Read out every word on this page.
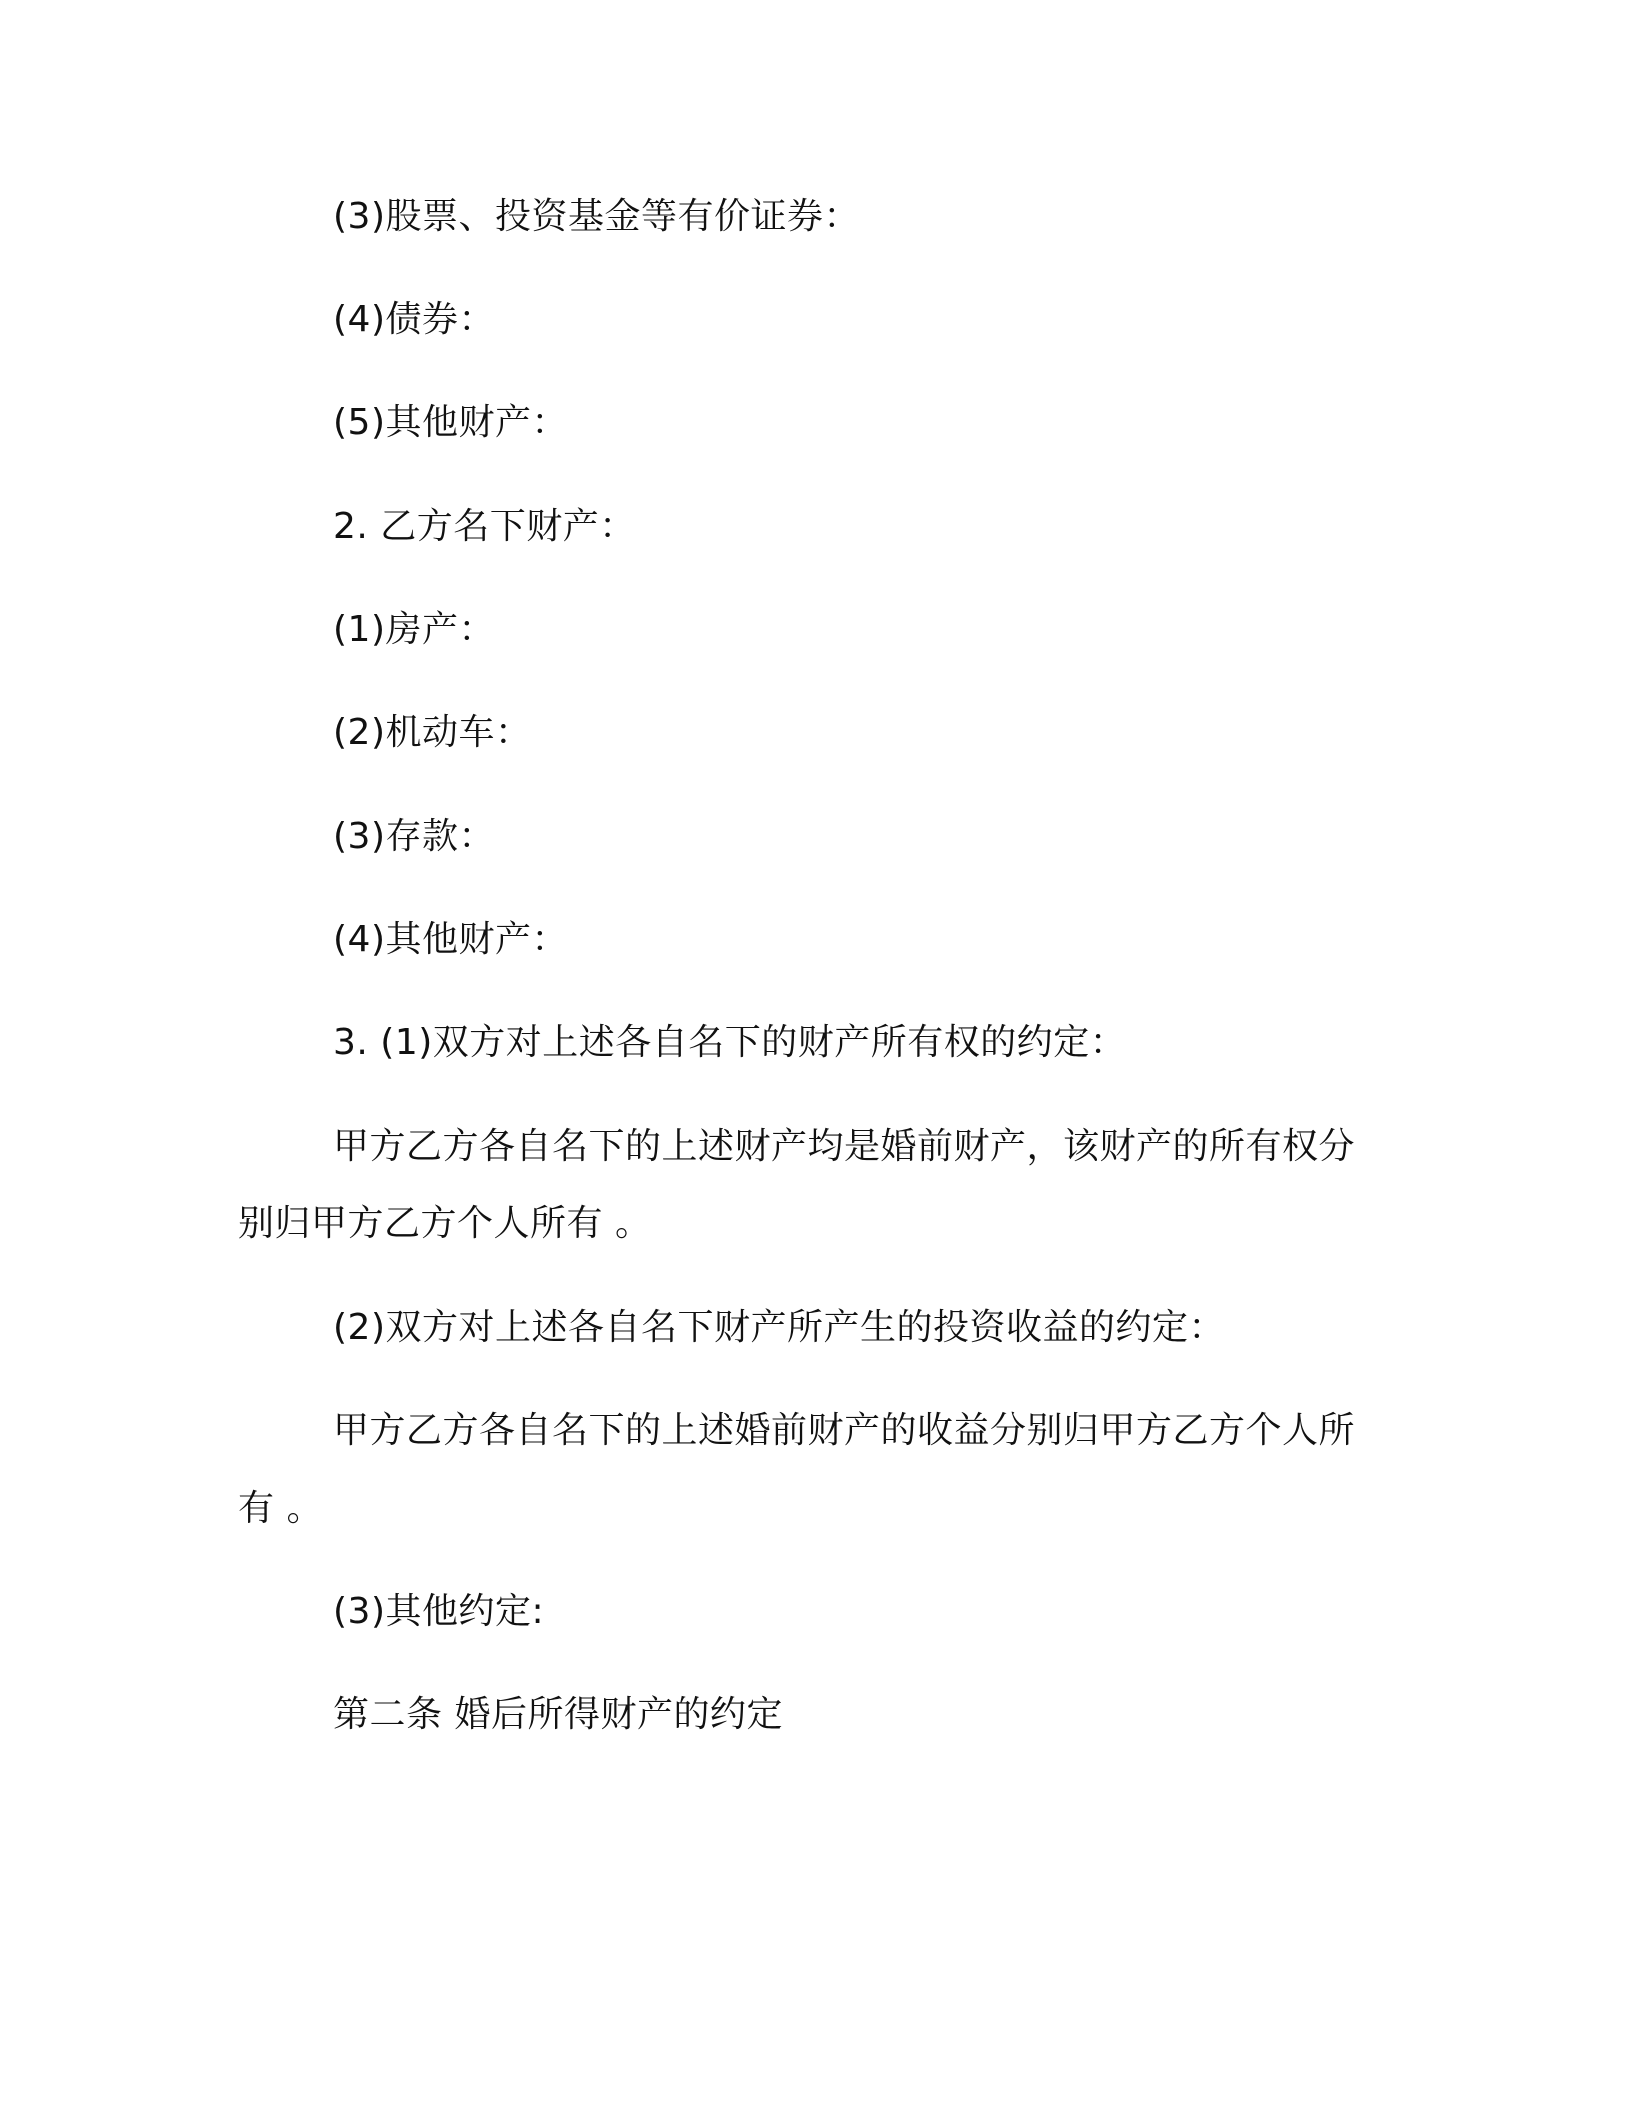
(3)股票、投资基金等有价证券：
(4)债券：
(5)其他财产：
2. 乙方名下财产：
(1)房产：
(2)机动车：
(3)存款：
(4)其他财产：
3. (1)双方对上述各自名下的财产所有权的约定：
甲方乙方各自名下的上述财产均是婚前财产，该财产的所有权分
别归甲方乙方个人所有 。
(2)双方对上述各自名下财产所产生的投资收益的约定：
甲方乙方各自名下的上述婚前财产的收益分别归甲方乙方个人所
有 。
(3)其他约定:
第二条 婚后所得财产的约定
